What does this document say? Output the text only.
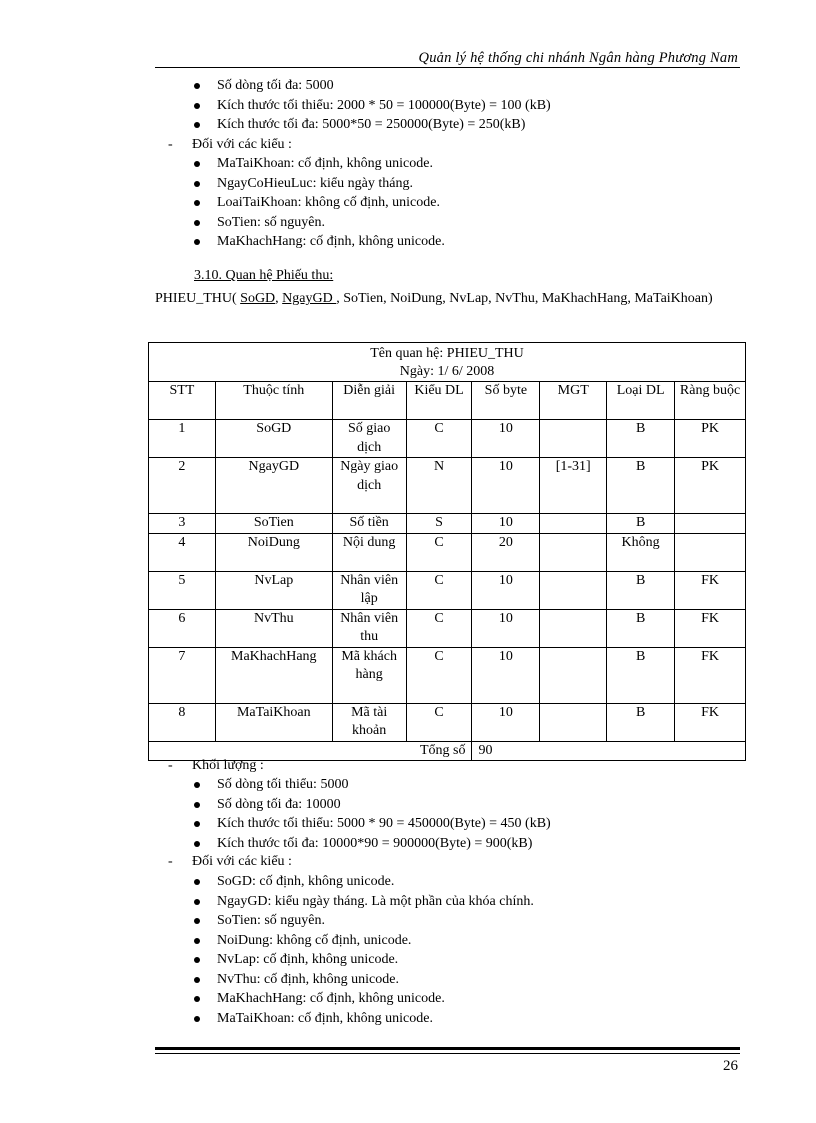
Quản lý hệ thống chi nhánh Ngân hàng Phương Nam
Số dòng tối đa: 5000
Kích thước tối thiểu: 2000 * 50 = 100000(Byte) = 100 (kB)
Kích thước tối đa: 5000*50 = 250000(Byte) = 250(kB)
- Đối với các kiểu :
MaTaiKhoan: cố định, không unicode.
NgayCoHieuLuc: kiểu ngày tháng.
LoaiTaiKhoan: không cố định, unicode.
SoTien: số nguyên.
MaKhachHang: cố định, không unicode.
3.10. Quan hệ Phiếu thu:
PHIEU_THU( SoGD, NgayGD , SoTien, NoiDung, NvLap, NvThu, MaKhachHang, MaTaiKhoan)
Tên quan hệ: PHIEU_THU
Ngày: 1/ 6/ 2008							

STT	Thuộc tính	Diễn giải	Kiểu DL	Số byte	MGT	Loại DL	Ràng buộc
1	SoGD	Số giao dịch	C	10		B	PK
2	NgayGD	Ngày giao dịch	N	10	[1-31]	B	PK
3	SoTien	Số tiền	S	10		B	
4	NoiDung	Nội dung	C	20		Không	
5	NvLap	Nhân viên lập	C	10		B	FK
6	NvThu	Nhân viên thu	C	10		B	FK
7	MaKhachHang	Mã khách hàng	C	10		B	FK
8	MaTaiKhoan	Mã tài khoản	C	10		B	FK
Tổng số				90			
- Khối lượng :
Số dòng tối thiểu: 5000
Số dòng tối đa: 10000
Kích thước tối thiểu: 5000 * 90 = 450000(Byte) = 450 (kB)
Kích thước tối đa: 10000*90 = 900000(Byte) = 900(kB)
- Đối với các kiểu :
SoGD: cố định, không unicode.
NgayGD: kiểu ngày tháng. Là một phần của khóa chính.
SoTien: số nguyên.
NoiDung: không cố định, unicode.
NvLap: cố định, không unicode.
NvThu: cố định, không unicode.
MaKhachHang: cố định, không unicode.
MaTaiKhoan: cố định, không unicode.
26
